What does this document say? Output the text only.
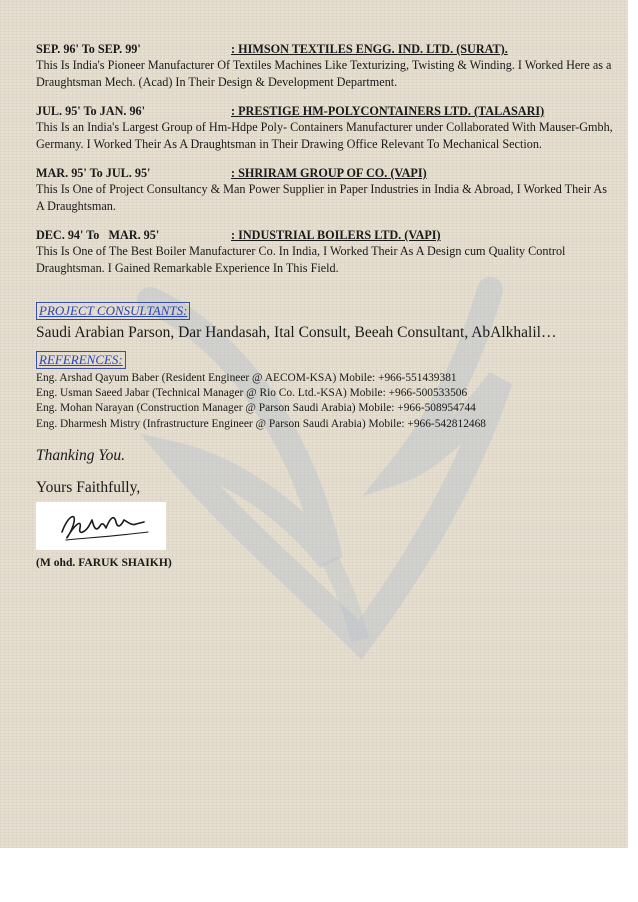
SEP. 96' To SEP. 99'	: HIMSON TEXTILES ENGG. IND. LTD. (SURAT).
This Is India's Pioneer Manufacturer Of Textiles Machines Like Texturizing, Twisting & Winding. I Worked Here as a Draughtsman Mech. (Acad) In Their Design & Development Department.
JUL. 95' To JAN. 96'	: PRESTIGE HM-POLYCONTAINERS LTD. (TALASARI)
This Is an India's Largest Group of Hm-Hdpe Poly- Containers Manufacturer under Collaborated With Mauser-Gmbh, Germany. I Worked Their As A Draughtsman in Their Drawing Office Relevant To Mechanical Section.
MAR. 95' To JUL. 95'	: SHRIRAM GROUP OF CO. (VAPI)
This Is One of Project Consultancy & Man Power Supplier in Paper Industries in India & Abroad, I Worked Their As A Draughtsman.
DEC. 94' To   MAR. 95'	: INDUSTRIAL BOILERS LTD. (VAPI)
This Is One of The Best Boiler Manufacturer Co. In India, I Worked Their As A Design cum Quality Control Draughtsman. I Gained Remarkable Experience In This Field.
PROJECT CONSULTANTS:
Saudi Arabian Parson, Dar Handasah, Ital Consult, Beeah Consultant, AbAlkhalil…
REFERENCES:
Eng. Arshad Qayum Baber (Resident Engineer @ AECOM-KSA) Mobile: +966-551439381
Eng. Usman Saeed Jabar (Technical Manager @ Rio Co. Ltd.-KSA) Mobile: +966-500533506
Eng. Mohan Narayan (Construction Manager @ Parson Saudi Arabia) Mobile: +966-508954744
Eng. Dharmesh Mistry (Infrastructure Engineer @ Parson Saudi Arabia) Mobile: +966-542812468
Thanking You.
Yours Faithfully,
(M ohd. FARUK SHAIKH)
